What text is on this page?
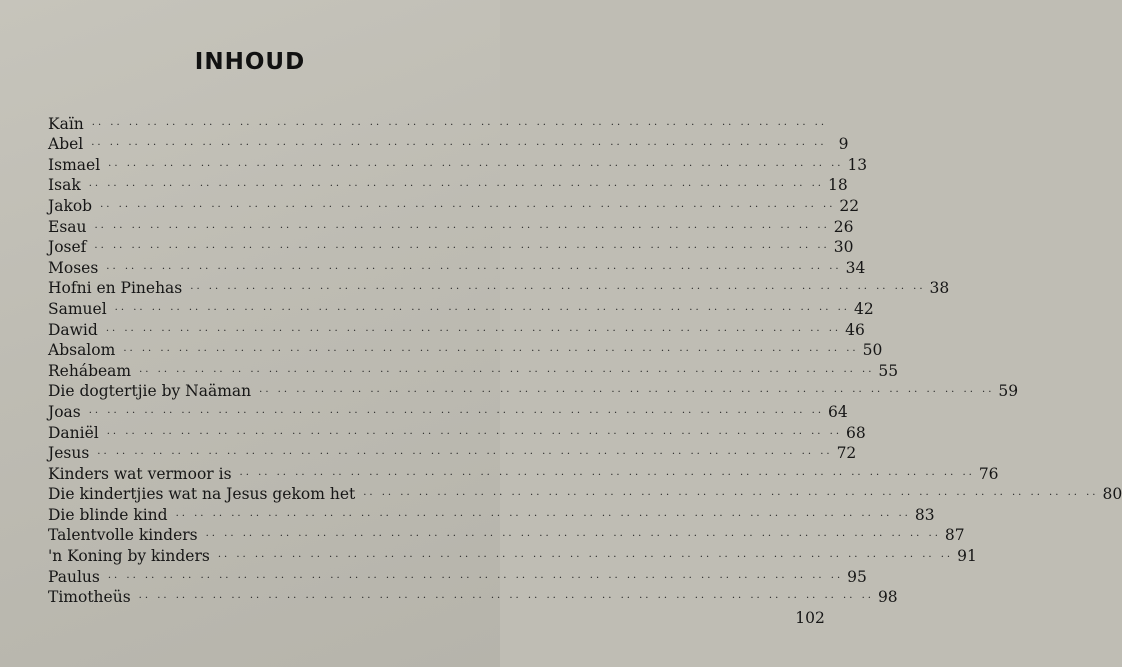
INHOUD
Kaïn .. .. .. .. .. .. .. .. .. .. .. .. .. .. .. .. .. .. .. .. .. .. .. .. .. .. .. .. .. .. .. .. .. .. .. .. .. .. .. ..
Abel .. .. .. .. .. .. .. .. .. .. .. .. .. .. .. .. .. .. .. .. .. .. .. .. .. .. .. .. .. .. .. .. .. .. .. .. .. .. .. .. 9
Ismael .. .. .. .. .. .. .. .. .. .. .. .. .. .. .. .. .. .. .. .. .. .. .. .. .. .. .. .. .. .. .. .. .. .. .. .. .. .. .. .. 13
Isak .. .. .. .. .. .. .. .. .. .. .. .. .. .. .. .. .. .. .. .. .. .. .. .. .. .. .. .. .. .. .. .. .. .. .. .. .. .. .. .. 18
Jakob .. .. .. .. .. .. .. .. .. .. .. .. .. .. .. .. .. .. .. .. .. .. .. .. .. .. .. .. .. .. .. .. .. .. .. .. .. .. .. .. 22
Esau .. .. .. .. .. .. .. .. .. .. .. .. .. .. .. .. .. .. .. .. .. .. .. .. .. .. .. .. .. .. .. .. .. .. .. .. .. .. .. .. 26
Josef .. .. .. .. .. .. .. .. .. .. .. .. .. .. .. .. .. .. .. .. .. .. .. .. .. .. .. .. .. .. .. .. .. .. .. .. .. .. .. .. 30
Moses .. .. .. .. .. .. .. .. .. .. .. .. .. .. .. .. .. .. .. .. .. .. .. .. .. .. .. .. .. .. .. .. .. .. .. .. .. .. .. .. 34
Hofni en Pinehas .. .. .. .. .. .. .. .. .. .. .. .. .. .. .. .. .. .. .. .. .. .. .. .. .. .. .. .. .. .. .. .. .. .. .. .. .. .. .. .. 38
Samuel .. .. .. .. .. .. .. .. .. .. .. .. .. .. .. .. .. .. .. .. .. .. .. .. .. .. .. .. .. .. .. .. .. .. .. .. .. .. .. .. 42
Dawid .. .. .. .. .. .. .. .. .. .. .. .. .. .. .. .. .. .. .. .. .. .. .. .. .. .. .. .. .. .. .. .. .. .. .. .. .. .. .. .. 46
Absalom .. .. .. .. .. .. .. .. .. .. .. .. .. .. .. .. .. .. .. .. .. .. .. .. .. .. .. .. .. .. .. .. .. .. .. .. .. .. .. .. 50
Rehábeam .. .. .. .. .. .. .. .. .. .. .. .. .. .. .. .. .. .. .. .. .. .. .. .. .. .. .. .. .. .. .. .. .. .. .. .. .. .. .. .. 55
Die dogtertjie by Naäman .. .. .. .. .. .. .. .. .. .. .. .. .. .. .. .. .. .. .. .. .. .. .. .. .. .. .. .. .. .. .. .. .. .. .. .. .. .. .. .. 59
Joas .. .. .. .. .. .. .. .. .. .. .. .. .. .. .. .. .. .. .. .. .. .. .. .. .. .. .. .. .. .. .. .. .. .. .. .. .. .. .. .. 64
Daniël .. .. .. .. .. .. .. .. .. .. .. .. .. .. .. .. .. .. .. .. .. .. .. .. .. .. .. .. .. .. .. .. .. .. .. .. .. .. .. .. 68
Jesus .. .. .. .. .. .. .. .. .. .. .. .. .. .. .. .. .. .. .. .. .. .. .. .. .. .. .. .. .. .. .. .. .. .. .. .. .. .. .. .. 72
Kinders wat vermoor is .. .. .. .. .. .. .. .. .. .. .. .. .. .. .. .. .. .. .. .. .. .. .. .. .. .. .. .. .. .. .. .. .. .. .. .. .. .. .. .. 76
Die kindertjies wat na Jesus gekom het .. .. .. .. .. .. .. .. .. .. .. .. .. .. .. .. .. .. .. .. .. .. .. .. .. .. .. .. .. .. .. .. .. .. .. .. .. .. .. .. 80
Die blinde kind .. .. .. .. .. .. .. .. .. .. .. .. .. .. .. .. .. .. .. .. .. .. .. .. .. .. .. .. .. .. .. .. .. .. .. .. .. .. .. .. 83
Talentvolle kinders .. .. .. .. .. .. .. .. .. .. .. .. .. .. .. .. .. .. .. .. .. .. .. .. .. .. .. .. .. .. .. .. .. .. .. .. .. .. .. .. 87
'n Koning by kinders .. .. .. .. .. .. .. .. .. .. .. .. .. .. .. .. .. .. .. .. .. .. .. .. .. .. .. .. .. .. .. .. .. .. .. .. .. .. .. .. 91
Paulus .. .. .. .. .. .. .. .. .. .. .. .. .. .. .. .. .. .. .. .. .. .. .. .. .. .. .. .. .. .. .. .. .. .. .. .. .. .. .. .. 95
Timotheüs .. .. .. .. .. .. .. .. .. .. .. .. .. .. .. .. .. .. .. .. .. .. .. .. .. .. .. .. .. .. .. .. .. .. .. .. .. .. .. .. 98
102
